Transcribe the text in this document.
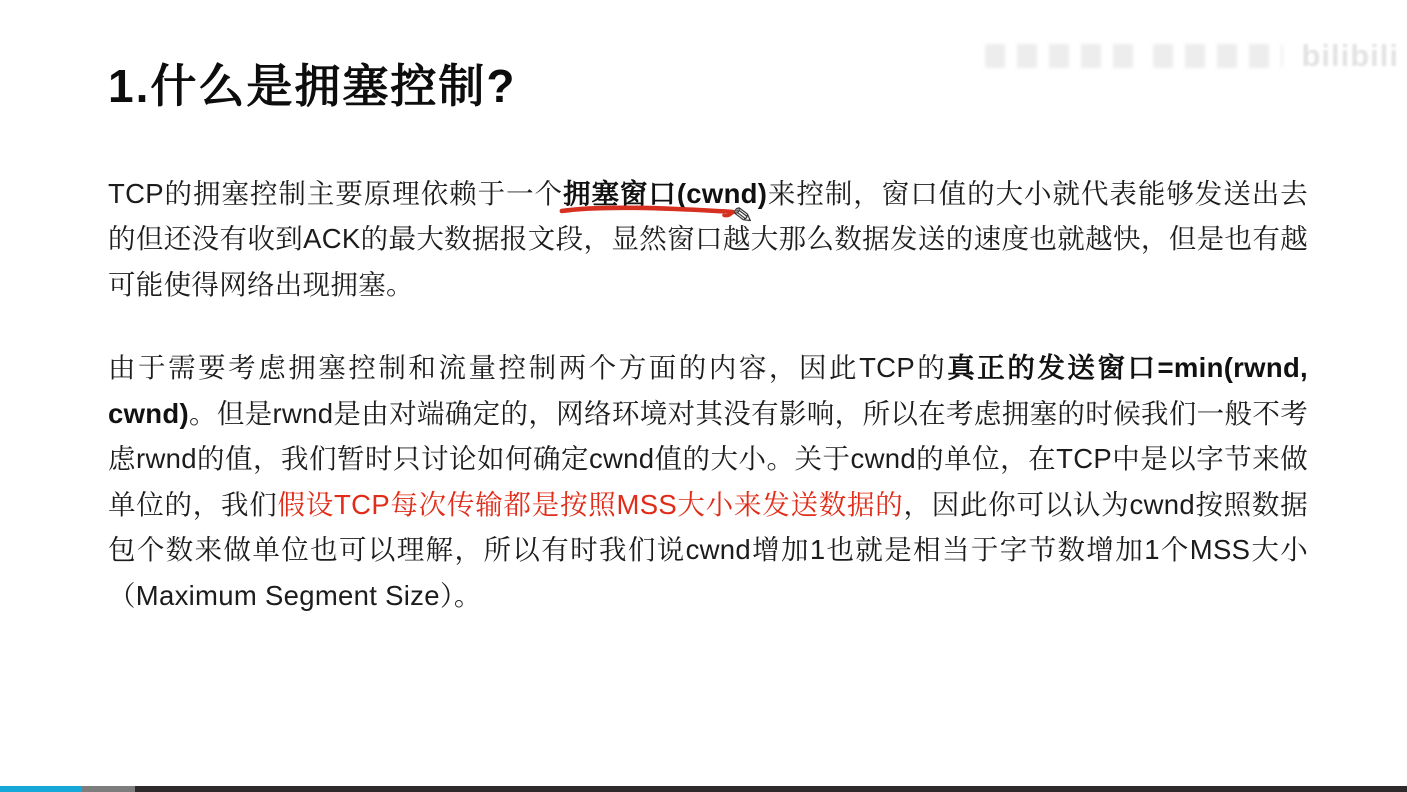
bilibili
1.什么是拥塞控制?

TCP的拥塞控制主要原理依赖于一个拥塞窗口(cwnd)
✎
来控制，窗口值的大小就代表能够发送出去的但还没有收到ACK的最大数据报文段，显然窗口越大那么数据发送的速度也就越快，但是也有越可能使得网络出现拥塞。

由于需要考虑拥塞控制和流量控制两个方面的内容，因此TCP的真正的发送窗口=min(rwnd, cwnd)。但是rwnd是由对端确定的，网络环境对其没有影响，所以在考虑拥塞的时候我们一般不考虑rwnd的值，我们暂时只讨论如何确定cwnd值的大小。关于cwnd的单位，在TCP中是以字节来做单位的，我们假设TCP每次传输都是按照MSS大小来发送数据的，因此你可以认为cwnd按照数据包个数来做单位也可以理解，所以有时我们说cwnd增加1也就是相当于字节数增加1个MSS大小（Maximum Segment Size）。
